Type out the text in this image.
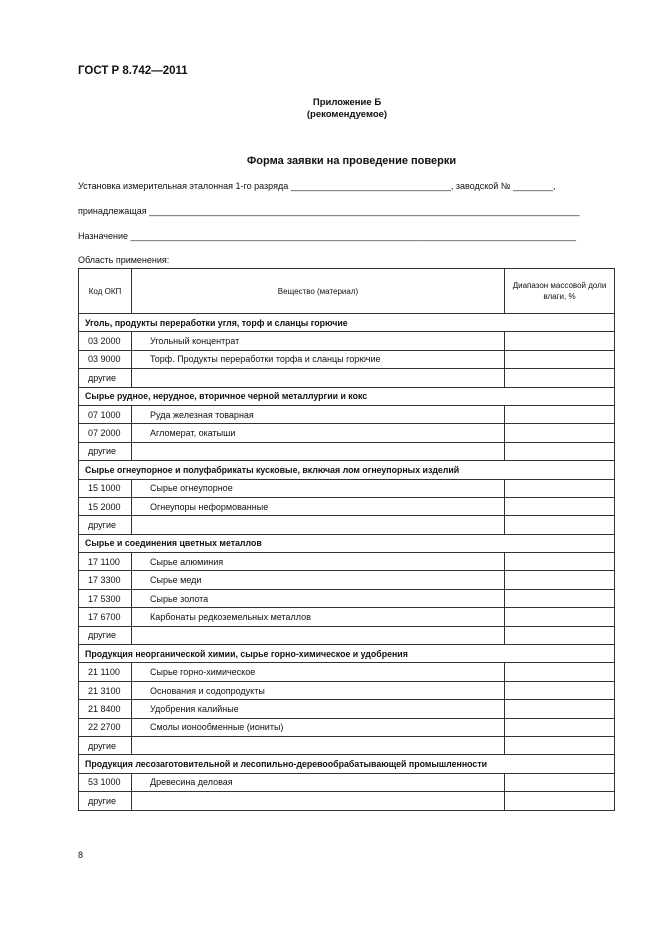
ГОСТ Р 8.742—2011
Приложение Б
(рекомендуемое)
Форма заявки на проведение поверки
Установка измерительная эталонная 1-го разряда ________________________________, заводской № ________,
принадлежащая ______________________________________________________________________________________
Назначение _________________________________________________________________________________________
Область применения:
Код ОКП	Вещество (материал)	Диапазон массовой доли влаги, %
Уголь, продукты переработки угля, торф и сланцы горючие		
03 2000	Угольный концентрат	
03 9000	Торф. Продукты переработки торфа и сланцы горючие	
другие		
Сырье рудное, нерудное, вторичное черной металлургии и кокс		
07 1000	Руда железная товарная	
07 2000	Агломерат, окатыши	
другие		
Сырье огнеупорное и полуфабрикаты кусковые, включая лом огнеупорных изделий		
15 1000	Сырье огнеупорное	
15 2000	Огнеупоры неформованные	
другие		
Сырье и соединения цветных металлов		
17 1100	Сырье алюминия	
17 3300	Сырье меди	
17 5300	Сырье золота	
17 6700	Карбонаты редкоземельных металлов	
другие		
Продукция неорганической химии, сырье горно-химическое и удобрения		
21 1100	Сырье горно-химическое	
21 3100	Основания и содопродукты	
21 8400	Удобрения калийные	
22 2700	Смолы ионообменные (иониты)	
другие		
Продукция лесозаготовительной и лесопильно-деревообрабатывающей промышленности		
53 1000	Древесина деловая	
другие		
8
